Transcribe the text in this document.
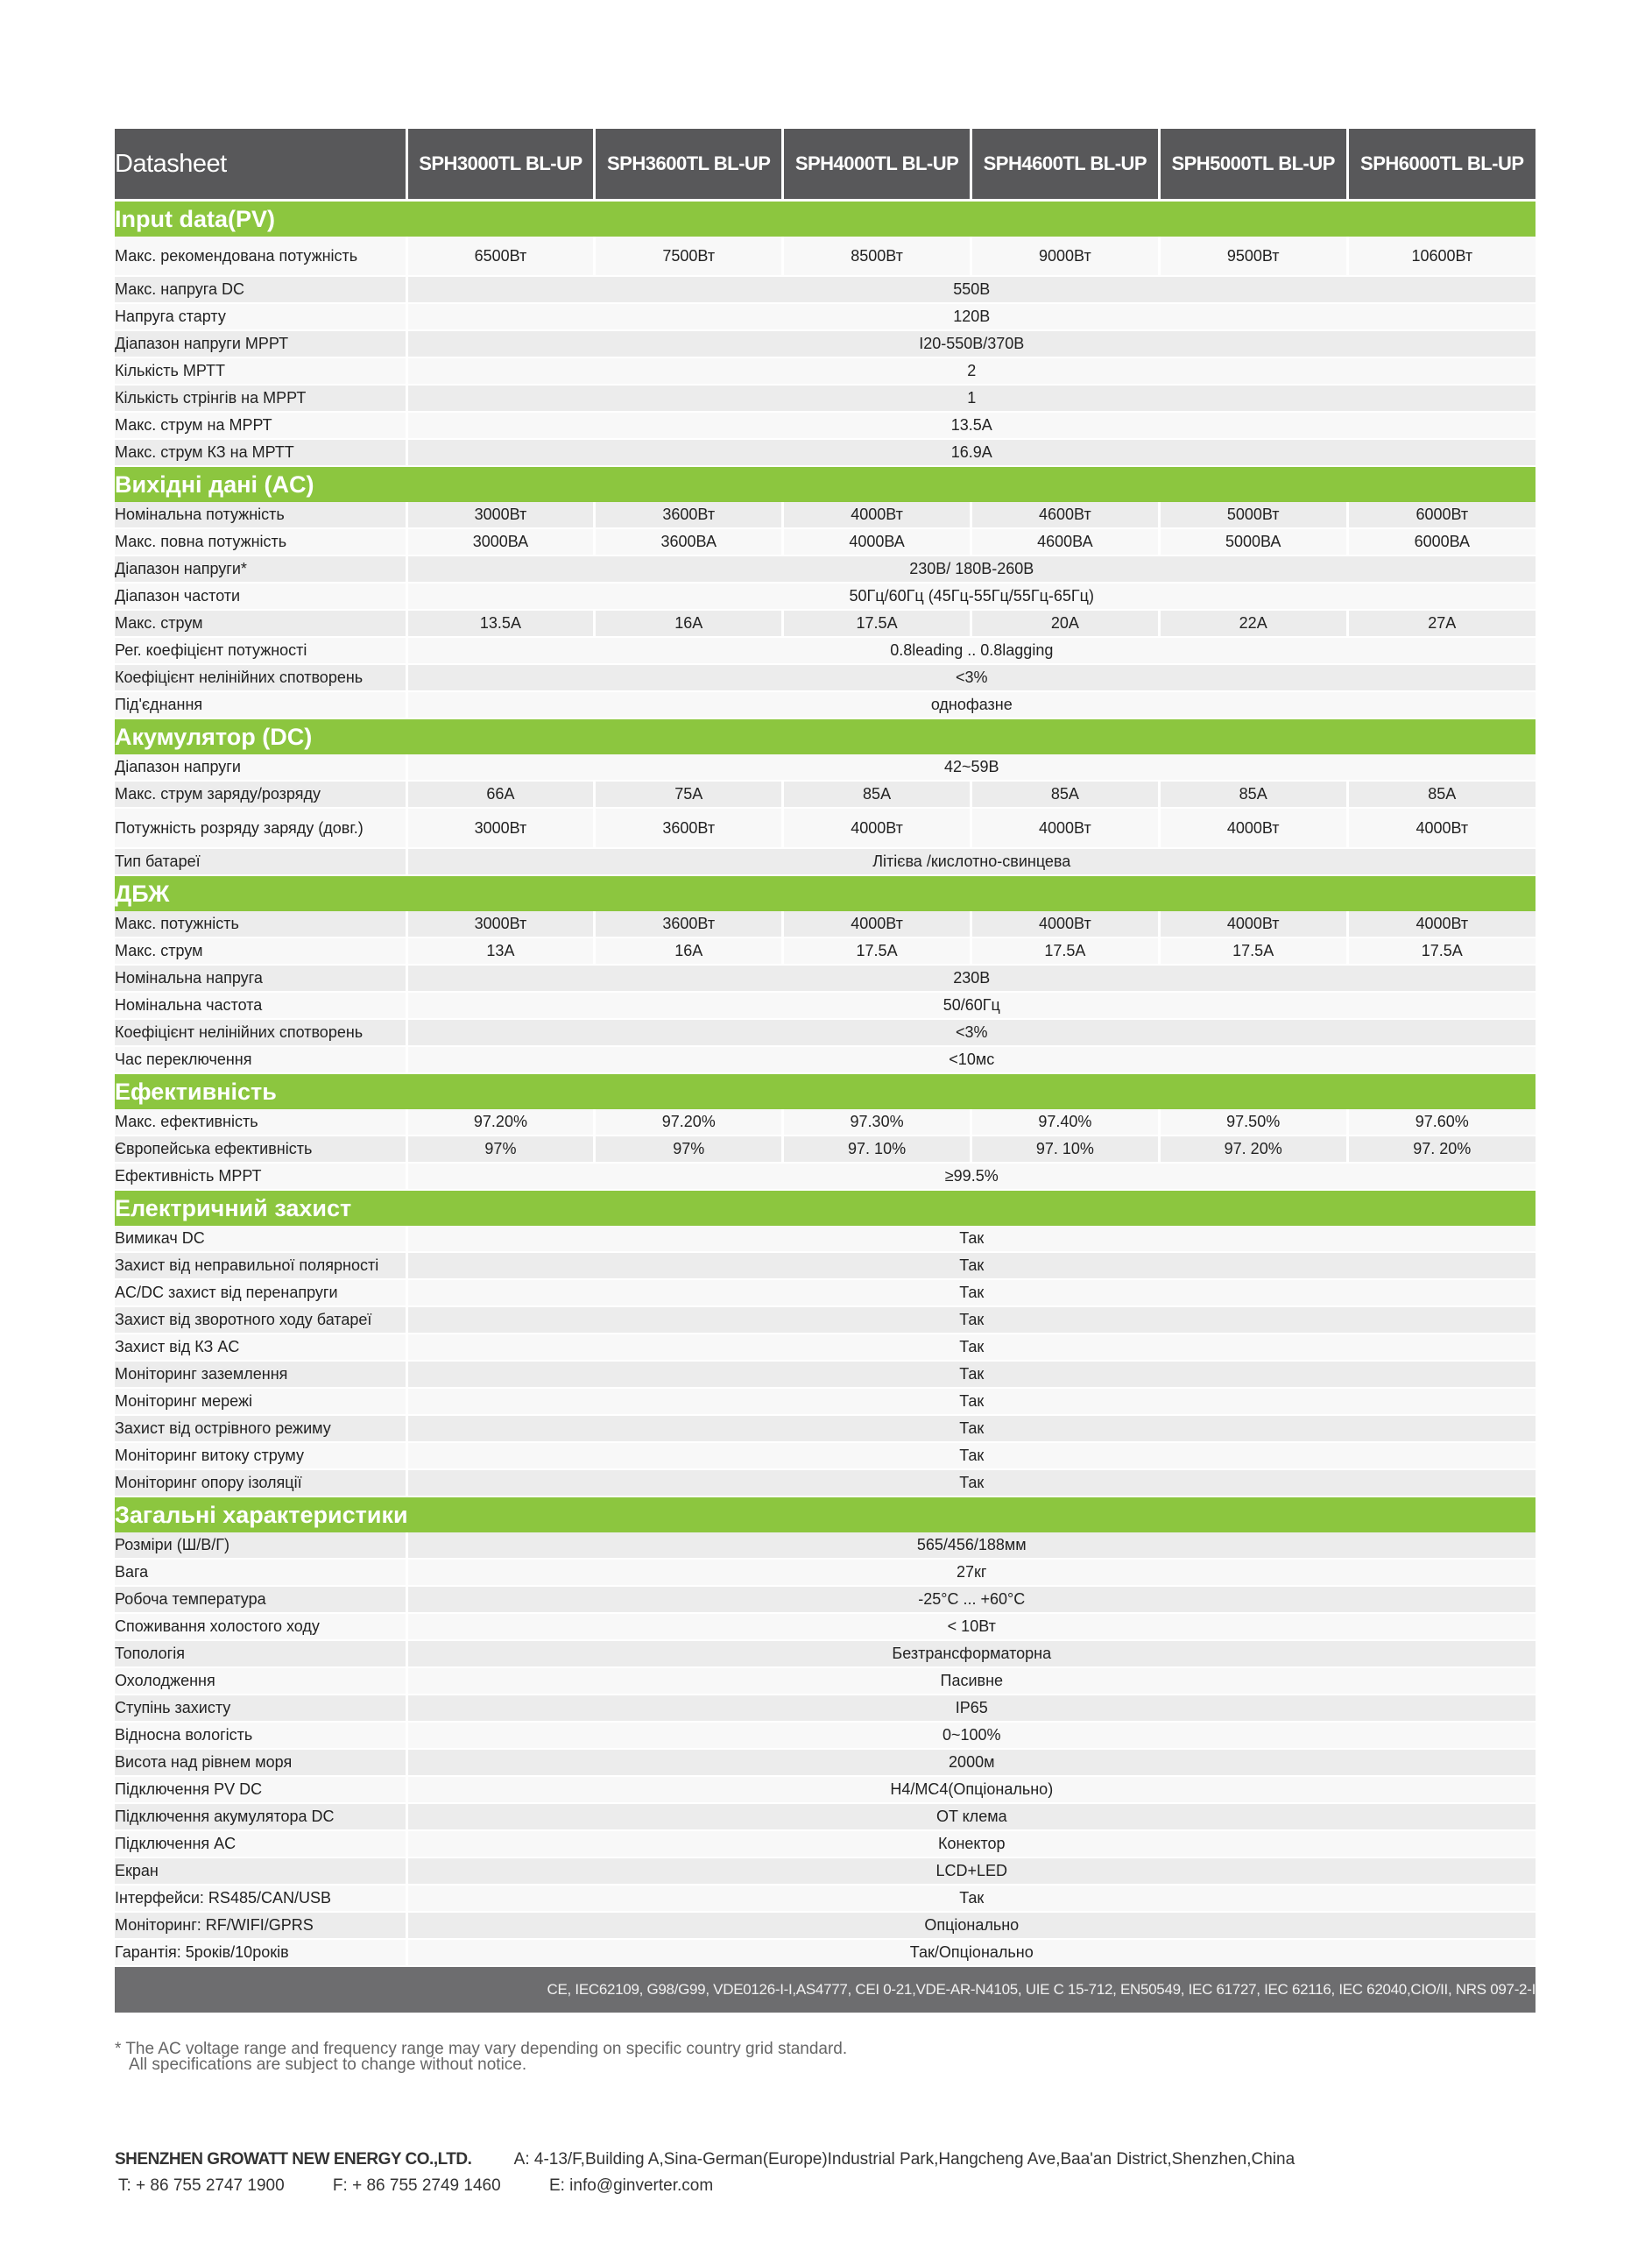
Datasheet	SPH3000TL BL-UP	SPH3600TL BL-UP	SPH4000TL BL-UP	SPH4600TL BL-UP	SPH5000TL BL-UP	SPH6000TL BL-UP
Input data(PV)						
Макс. рекомендована потужність	6500Вт	7500Вт	8500Вт	9000Вт	9500Вт	10600Вт
Макс. напруга DC	550В					
Напруга старту	120В					
Діапазон напруги МРРТ	I20-550В/370В					
Кількість МРТТ	2					
Кількість стрінгів на МРРТ	1					
Макс. струм на МРРТ	13.5A					
Макс. струм КЗ на МРТТ	16.9A					
Вихідні дані (AC)						
Номінальна потужність	3000Вт	3600Вт	4000Вт	4600Вт	5000Вт	6000Вт
Макс. повна потужність	3000ВА	3600ВА	4000ВА	4600ВА	5000ВА	6000ВА
Діапазон напруги*	230В/ 180В-260В					
Діапазон частоти	50Гц/60Гц (45Гц-55Гц/55Гц-65Гц)					
Макс. струм	13.5A	16A	17.5A	20A	22A	27A
Рег. коефіцієнт потужності	0.8leading .. 0.8lagging					
Коефіцієнт нелінійних спотворень	<3%					
Під'єднання	однофазне					
Акумулятор (DC)						
Діапазон напруги	42~59В					
Макс. струм заряду/розряду	66A	75A	85A	85A	85A	85A
Потужність розряду заряду (довг.)	3000Вт	3600Вт	4000Вт	4000Вт	4000Вт	4000Вт
Тип батареї	Літієва /кислотно-свинцева					
ДБЖ						
Макс. потужність	3000Вт	3600Вт	4000Вт	4000Вт	4000Вт	4000Вт
Макс. струм	13A	16A	17.5A	17.5A	17.5A	17.5A
Номінальна напруга	230В					
Номінальна частота	50/60Гц					
Коефіцієнт нелінійних спотворень	<3%					
Час переключення	<10мс					
Ефективність						
Макс. ефективність	97.20%	97.20%	97.30%	97.40%	97.50%	97.60%
Європейська ефективність	97%	97%	97. 10%	97. 10%	97. 20%	97. 20%
Ефективність МРРТ	≥99.5%					
Електричний захист						
Вимикач DC	Так					
Захист від неправильної полярності	Так					
AC/DC захист від перенапруги	Так					
Захист від зворотного ходу батареї	Так					
Захист від КЗ AC	Так					
Моніторинг заземлення	Так					
Моніторинг мережі	Так					
Захист від острівного режиму	Так					
Моніторинг витоку струму	Так					
Моніторинг опору ізоляції	Так					
Загальні характеристики						
Розміри (Ш/В/Г)	565/456/188мм					
Вага	27кг					
Робоча температура	-25°C ... +60°C					
Споживання холостого ходу	< 10Вт					
Топологія	Безтрансформаторна					
Охолодження	Пасивне					
Ступінь захисту	IP65					
Відносна вологість	0~100%					
Висота над рівнем моря	2000м					
Підключення PV DC	H4/MC4(Опціонально)					
Підключення акумулятора DC	OT клема					
Підключення AC	Конектор					
Екран	LCD+LED					
Інтерфейси: RS485/CAN/USB	Так					
Моніторинг: RF/WIFI/GPRS	Опціонально					
Гарантія: 5років/10років	Так/Опціонально					
CE, IEC62109, G98/G99, VDE0126-I-I,AS4777, CEI 0-21,VDE-AR-N4105, UIE C 15-712, EN50549, IEC 61727, IEC 62116, IEC 62040,CIO/II, NRS 097-2-I						
* The AC voltage range and frequency range may vary depending on specific country grid standard.
All specifications are subject to change without notice.
SHENZHEN GROWATT NEW ENERGY CO.,LTD.	A: 4-13/F,Building A,Sina-German(Europe)Industrial Park,Hangcheng Ave,Baa'an District,Shenzhen,China
T: + 86 755 2747 1900	F: + 86 755 2749 1460	E: info@ginverter.com
